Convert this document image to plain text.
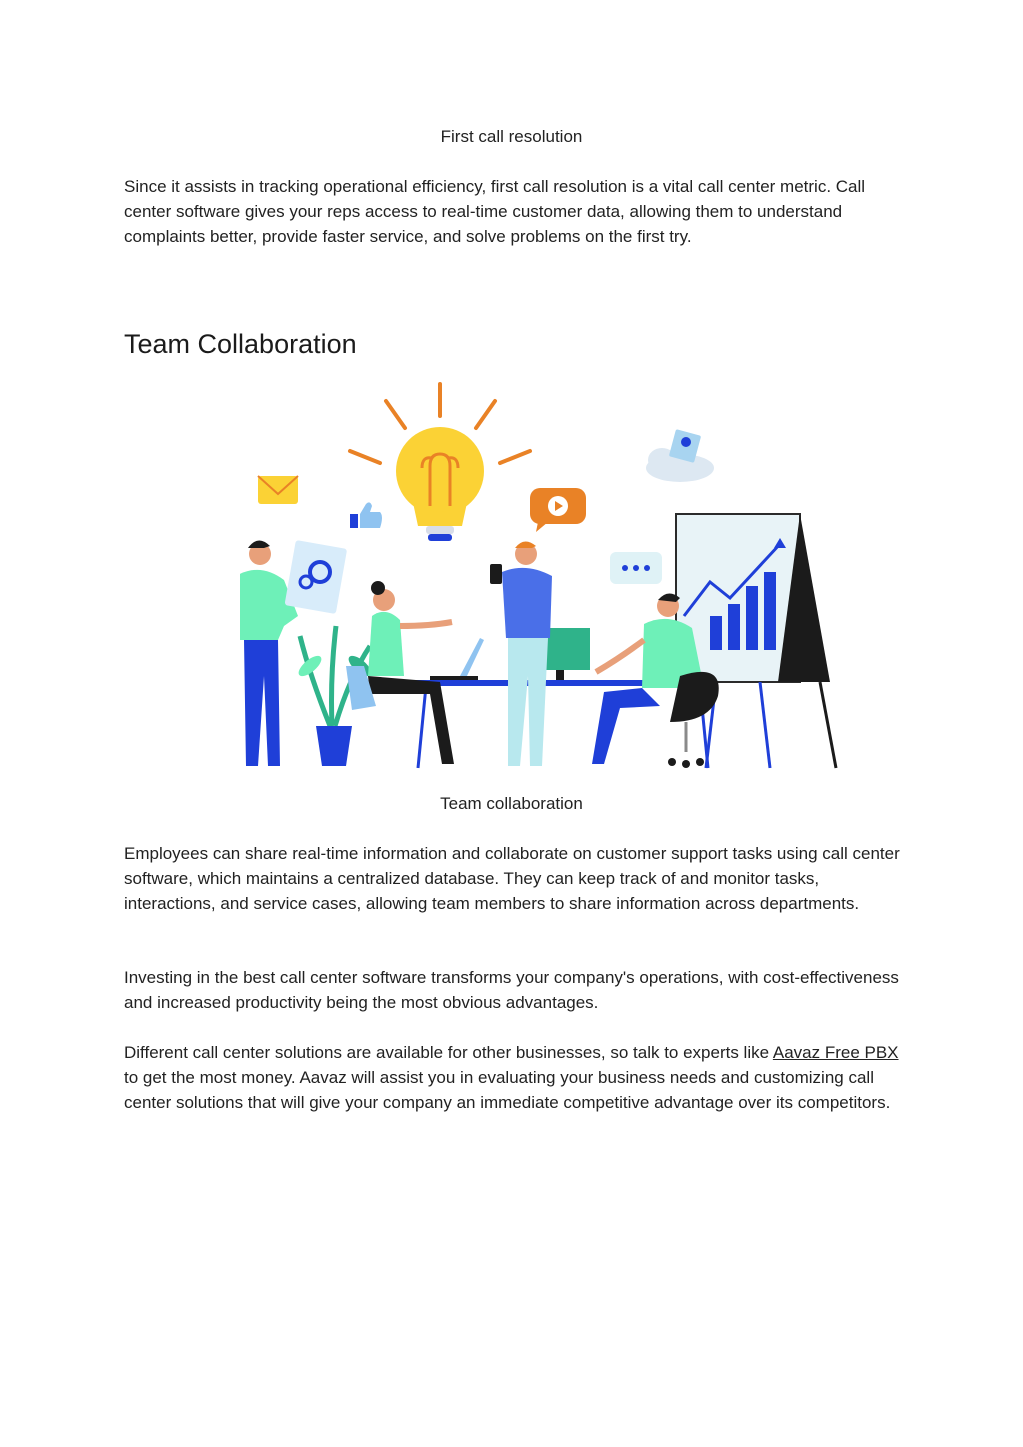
First call resolution

Since it assists in tracking operational efficiency, first call resolution is a vital call center metric. Call center software gives your reps access to real-time customer data, allowing them to understand complaints better, provide faster service, and solve problems on the first try.

Team Collaboration
Team collaboration

Employees can share real-time information and collaborate on customer support tasks using call center software, which maintains a centralized database. They can keep track of and monitor tasks, interactions, and service cases, allowing team members to share information across departments.

Investing in the best call center software transforms your company's operations, with cost-effectiveness and increased productivity being the most obvious advantages.

Different call center solutions are available for other businesses, so talk to experts like Aavaz Free PBX to get the most money. Aavaz will assist you in evaluating your business needs and customizing call center solutions that will give your company an immediate competitive advantage over its competitors.
